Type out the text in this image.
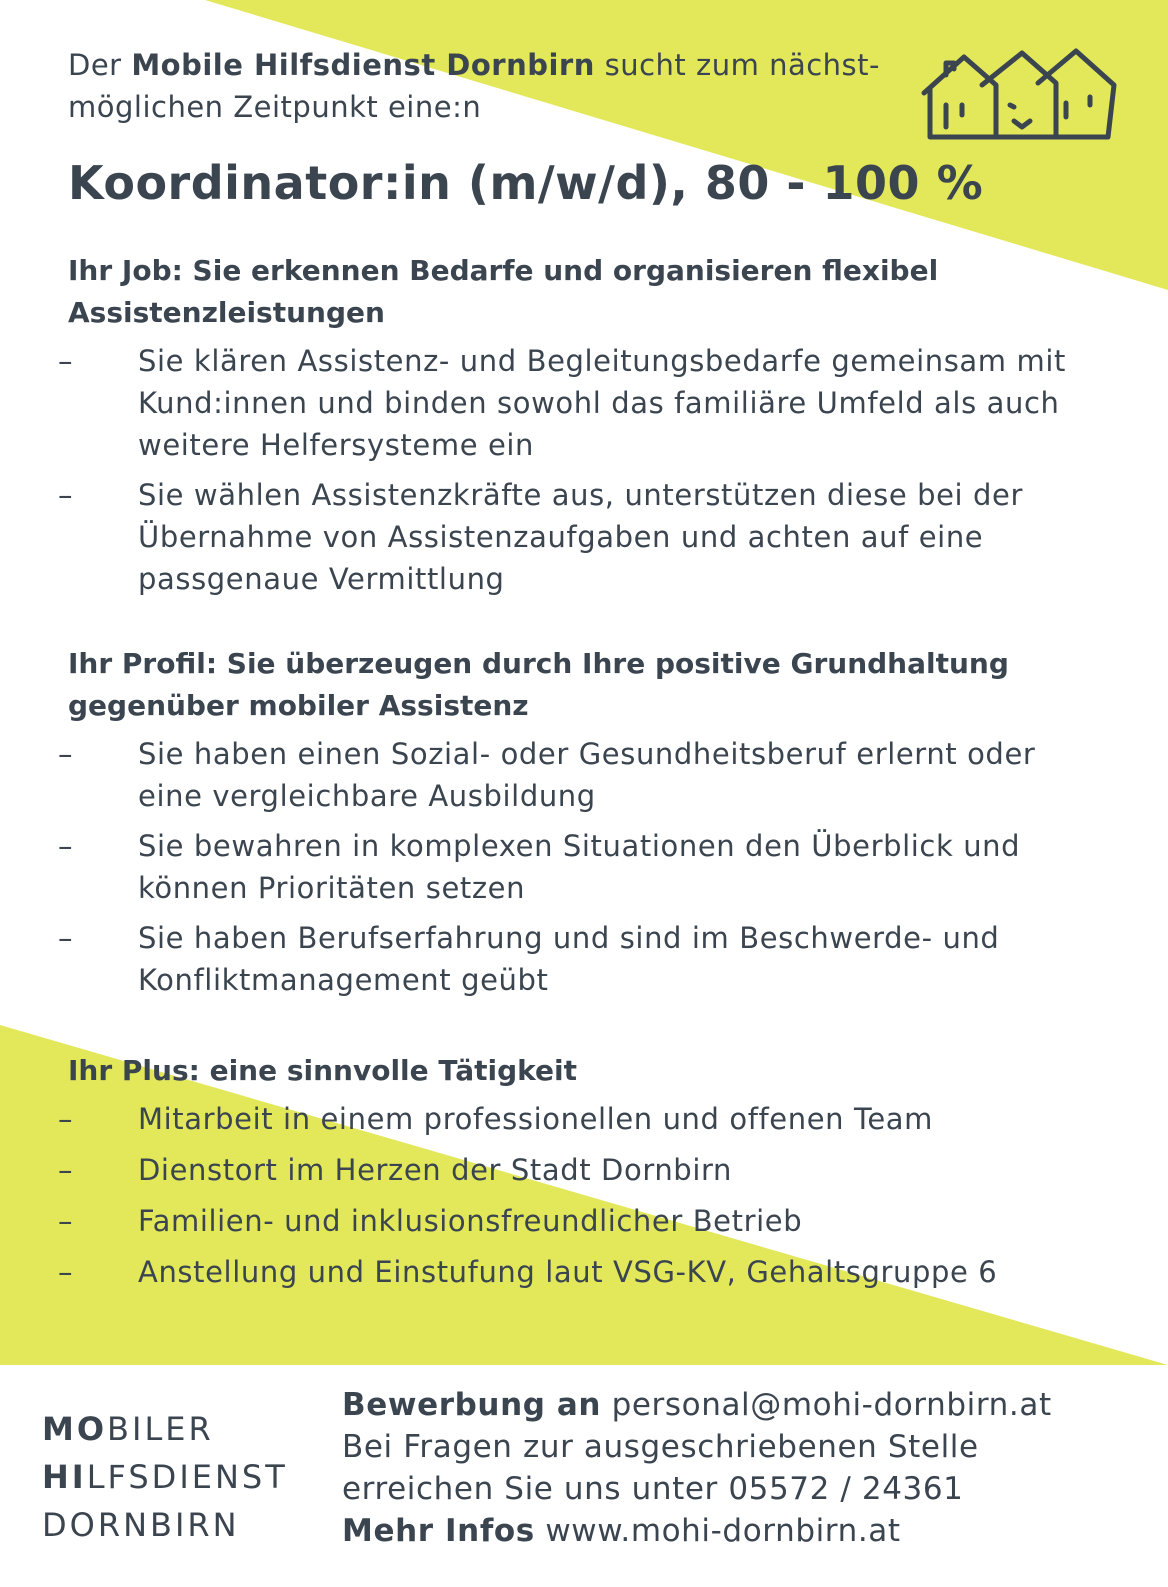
Der Mobile Hilfsdienst Dornbirn sucht zum nächst-
möglichen Zeitpunkt eine:n
Koordinator:in (m/w/d), 80 - 100 %

Ihr Job: Sie erkennen Bedarfe und organisieren flexibel
Assistenzleistungen

–	Sie klären Assistenz- und Begleitungsbedarfe gemeinsam mit Kund:innen und binden sowohl das familiäre Umfeld als auch weitere Helfersysteme ein
–	Sie wählen Assistenzkräfte aus, unterstützen diese bei der Übernahme von Assistenzaufgaben und achten auf eine passgenaue Vermittlung

Ihr Profil: Sie überzeugen durch Ihre positive Grundhaltung
gegenüber mobiler Assistenz

–	Sie haben einen Sozial- oder Gesundheitsberuf erlernt oder eine vergleichbare Ausbildung
–	Sie bewahren in komplexen Situationen den Überblick und können Prioritäten setzen
–	Sie haben Berufserfahrung und sind im Beschwerde- und Konfliktmanagement geübt

Ihr Plus: eine sinnvolle Tätigkeit

–	Mitarbeit in einem professionellen und offenen Team
–	Dienstort im Herzen der Stadt Dornbirn
–	Familien- und inklusionsfreundlicher Betrieb
–	Anstellung und Einstufung laut VSG-KV, Gehaltsgruppe 6
MOBILER
HILFSDIENST
DORNBIRN
Bewerbung an personal@mohi-dornbirn.at
Bei Fragen zur ausgeschriebenen Stelle
erreichen Sie uns unter 05572 / 24361
Mehr Infos www.mohi-dornbirn.at
